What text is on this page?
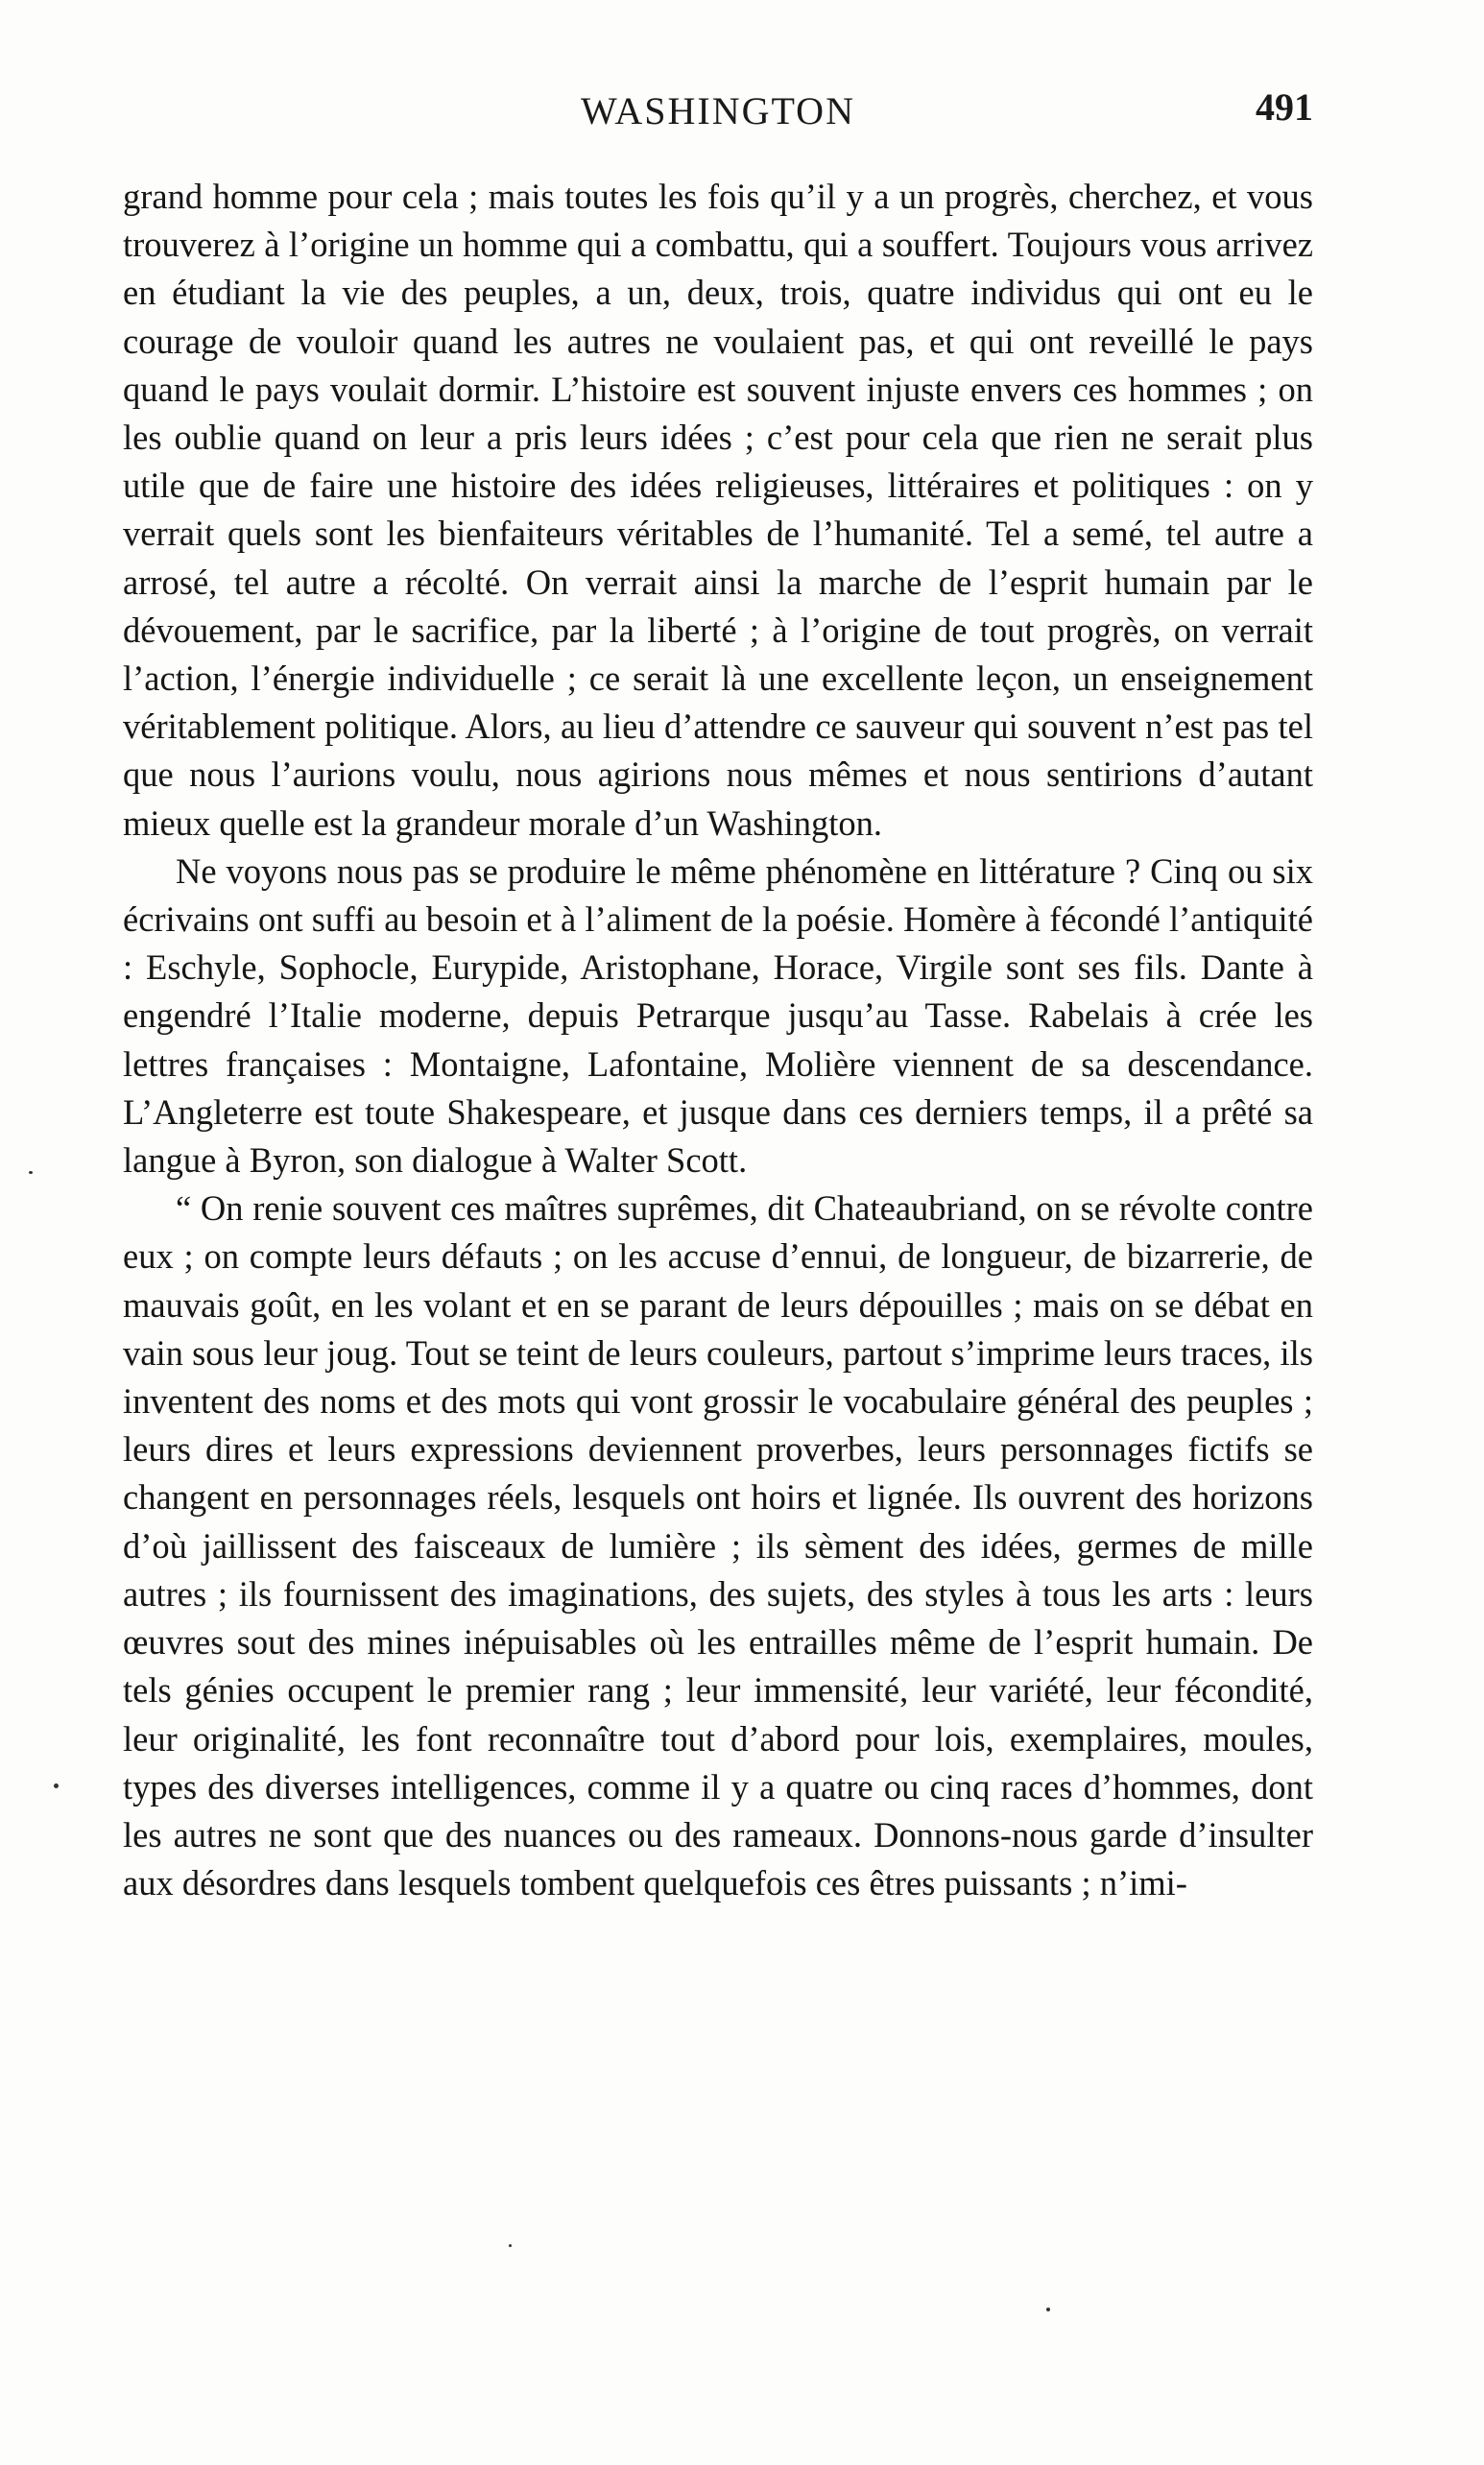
WASHINGTON	491

grand homme pour cela ; mais toutes les fois qu’il y a un progrès, cherchez, et vous trouverez à l’origine un homme qui a combattu, qui a souffert. Toujours vous arrivez en étudiant la vie des peuples, a un, deux, trois, quatre individus qui ont eu le courage de vouloir quand les autres ne voulaient pas, et qui ont reveillé le pays quand le pays voulait dormir. L’histoire est souvent injuste envers ces hommes ; on les oublie quand on leur a pris leurs idées ; c’est pour cela que rien ne serait plus utile que de faire une histoire des idées religieuses, littéraires et politiques : on y verrait quels sont les bienfaiteurs véritables de l’humanité. Tel a semé, tel autre a arrosé, tel autre a récolté. On verrait ainsi la marche de l’esprit humain par le dévouement, par le sacrifice, par la liberté ; à l’origine de tout progrès, on verrait l’action, l’énergie individuelle ; ce serait là une excellente leçon, un enseignement véritablement politique. Alors, au lieu d’attendre ce sauveur qui souvent n’est pas tel que nous l’aurions voulu, nous agirions nous mêmes et nous sentirions d’autant mieux quelle est la grandeur morale d’un Washington.

Ne voyons nous pas se produire le même phénomène en littérature ? Cinq ou six écrivains ont suffi au besoin et à l’aliment de la poésie. Homère à fécondé l’antiquité : Eschyle, Sophocle, Eurypide, Aristophane, Horace, Virgile sont ses fils. Dante à engendré l’Italie moderne, depuis Petrarque jusqu’au Tasse. Rabelais à crée les lettres françaises : Montaigne, Lafontaine, Molière viennent de sa descendance. L’Angleterre est toute Shakespeare, et jusque dans ces derniers temps, il a prêté sa langue à Byron, son dialogue à Walter Scott.

“ On renie souvent ces maîtres suprêmes, dit Chateaubriand, on se révolte contre eux ; on compte leurs défauts ; on les accuse d’ennui, de longueur, de bizarrerie, de mauvais goût, en les volant et en se parant de leurs dépouilles ; mais on se débat en vain sous leur joug. Tout se teint de leurs couleurs, partout s’imprime leurs traces, ils inventent des noms et des mots qui vont grossir le vocabulaire général des peuples ; leurs dires et leurs expressions deviennent proverbes, leurs personnages fictifs se changent en personnages réels, lesquels ont hoirs et lignée. Ils ouvrent des horizons d’où jaillissent des faisceaux de lumière ; ils sèment des idées, germes de mille autres ; ils fournissent des imaginations, des sujets, des styles à tous les arts : leurs œuvres sout des mines inépuisables où les entrailles même de l’esprit humain. De tels génies occupent le premier rang ; leur immensité, leur variété, leur fécondité, leur originalité, les font reconnaître tout d’abord pour lois, exemplaires, moules, types des diverses intelligences, comme il y a quatre ou cinq races d’hommes, dont les autres ne sont que des nuances ou des rameaux. Donnons-nous garde d’insulter aux désordres dans lesquels tombent quelquefois ces êtres puissants ; n’imi-
